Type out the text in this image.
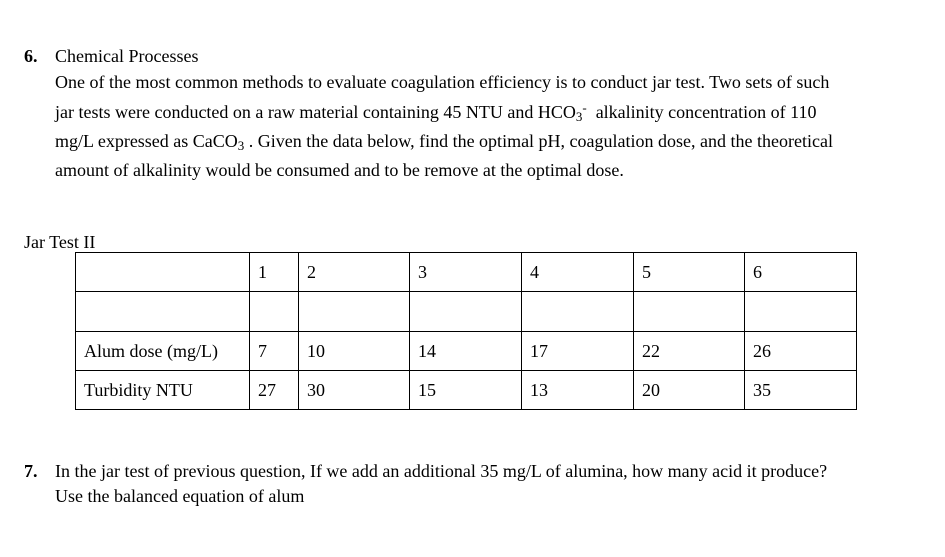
6. Chemical Processes
One of the most common methods to evaluate coagulation efficiency is to conduct jar test. Two sets of such
jar tests were conducted on a raw material containing 45 NTU and $HCO_3^-$  alkalinity concentration of 110
mg/L expressed as CaCO$_3$ . Given the data below, find the optimal pH, coagulation dose, and the theoretical
amount of alkalinity would be consumed and to be remove at the optimal dose.
Jar Test II
	1	2	3	4	5	6

Alum dose (mg/L)	7	10	14	17	22	26
Turbidity NTU	27	30	15	13	20	35
7. In the jar test of previous question, If we add an additional 35 mg/L of alumina, how many acid it produce?
Use the balanced equation of alum
